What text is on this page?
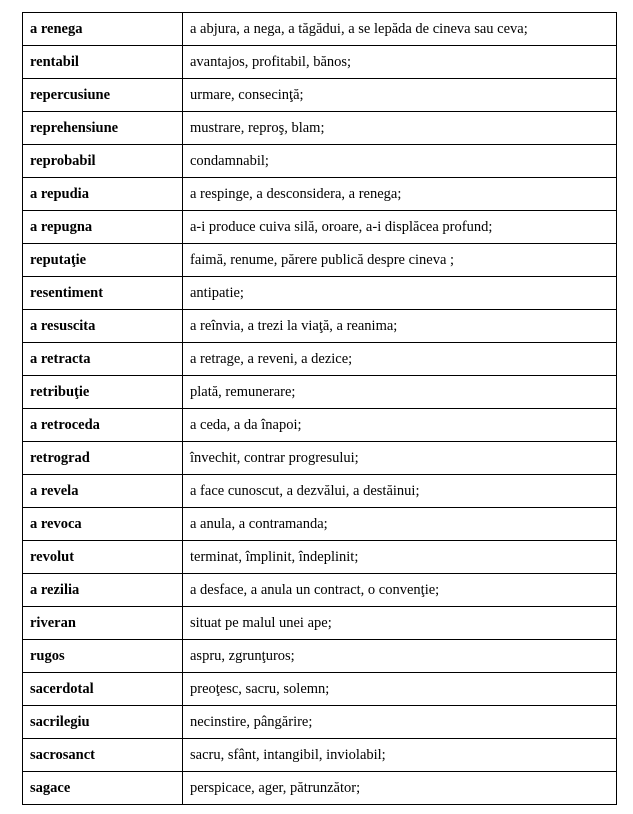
a renega	a abjura, a nega, a tăgădui, a se lepăda de cineva sau ceva;
rentabil	avantajos, profitabil, bănos;
repercusiune	urmare, consecinţă;
reprehensiune	mustrare, reproş, blam;
reprobabil	condamnabil;
a repudia	a respinge, a desconsidera, a renega;
a repugna	a-i produce cuiva silă, oroare, a-i displăcea profund;
reputaţie	faimă, renume, părere publică despre cineva ;
resentiment	antipatie;
a resuscita	a reînvia, a trezi la viaţă, a reanima;
a retracta	a retrage, a reveni, a dezice;
retribuţie	plată, remunerare;
a retroceda	a ceda, a da înapoi;
retrograd	învechit, contrar progresului;
a revela	a face cunoscut, a dezvălui, a destăinui;
a revoca	a anula, a contramanda;
revolut	terminat, împlinit, îndeplinit;
a rezilia	a desface, a anula un contract, o convenţie;
riveran	situat pe malul unei ape;
rugos	aspru, zgrunţuros;
sacerdotal	preoţesc, sacru, solemn;
sacrilegiu	necinstire, pângărire;
sacrosanct	sacru, sfânt, intangibil, inviolabil;
sagace	perspicace, ager, pătrunzător;
